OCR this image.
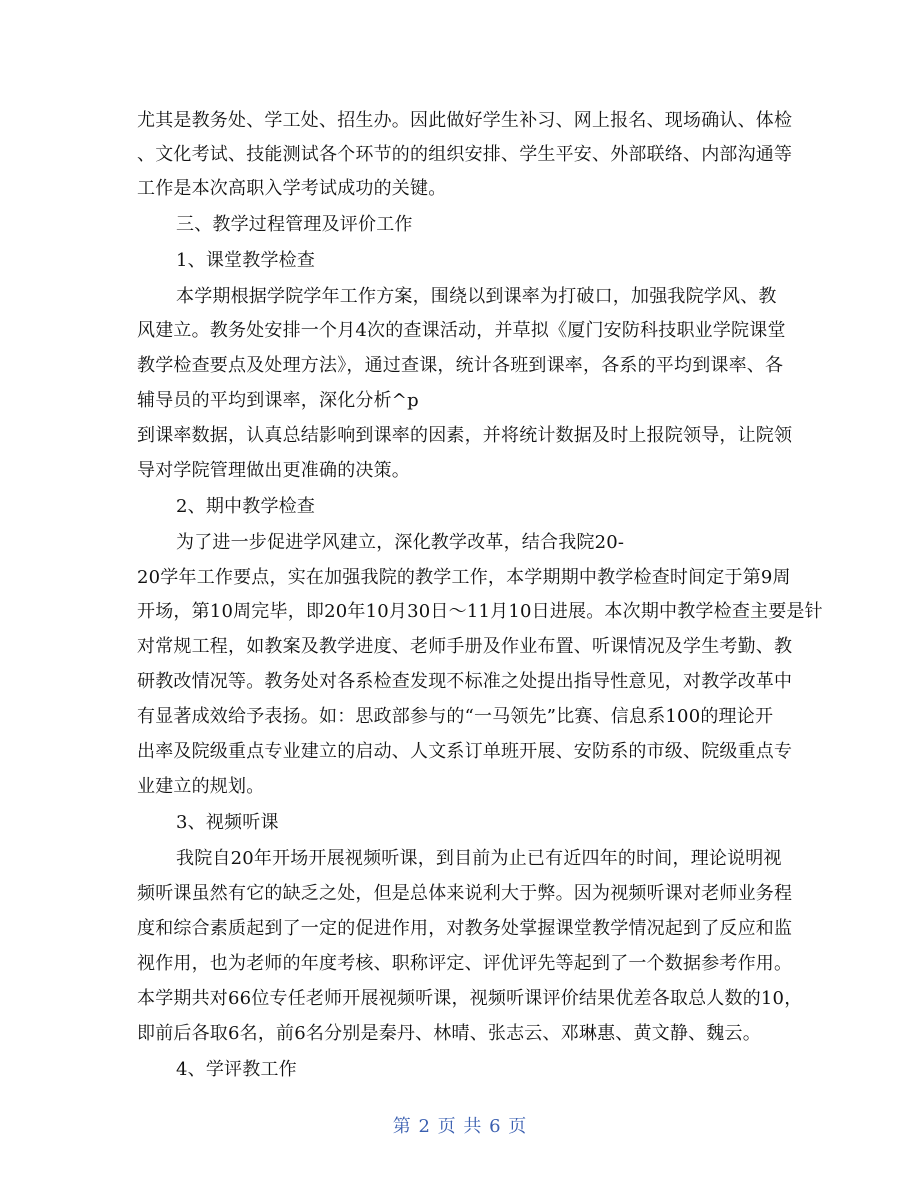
尤其是教务处、学工处、招生办。因此做好学生补习、网上报名、现场确认、体检
、文化考试、技能测试各个环节的的组织安排、学生平安、外部联络、内部沟通等
工作是本次高职入学考试成功的关键。
三、教学过程管理及评价工作
1、课堂教学检查
本学期根据学院学年工作方案，围绕以到课率为打破口，加强我院学风、教
风建立。教务处安排一个月4次的查课活动，并草拟《厦门安防科技职业学院课堂
教学检查要点及处理方法》，通过查课，统计各班到课率，各系的平均到课率、各
辅导员的平均到课率，深化分析^p
到课率数据，认真总结影响到课率的因素，并将统计数据及时上报院领导，让院领
导对学院管理做出更准确的决策。
2、期中教学检查
为了进一步促进学风建立，深化教学改革，结合我院20-
20学年工作要点，实在加强我院的教学工作，本学期期中教学检查时间定于第9周
开场，第10周完毕，即20年10月30日～11月10日进展。本次期中教学检查主要是针
对常规工程，如教案及教学进度、老师手册及作业布置、听课情况及学生考勤、教
研教改情况等。教务处对各系检查发现不标准之处提出指导性意见，对教学改革中
有显著成效给予表扬。如：思政部参与的“一马领先”比赛、信息系100的理论开
出率及院级重点专业建立的启动、人文系订单班开展、安防系的市级、院级重点专
业建立的规划。
3、视频听课
我院自20年开场开展视频听课，到目前为止已有近四年的时间，理论说明视
频听课虽然有它的缺乏之处，但是总体来说利大于弊。因为视频听课对老师业务程
度和综合素质起到了一定的促进作用，对教务处掌握课堂教学情况起到了反应和监
视作用，也为老师的年度考核、职称评定、评优评先等起到了一个数据参考作用。
本学期共对66位专任老师开展视频听课，视频听课评价结果优差各取总人数的10，
即前后各取6名，前6名分别是秦丹、林晴、张志云、邓琳惠、黄文静、魏云。
4、学评教工作
第 2 页 共 6 页
